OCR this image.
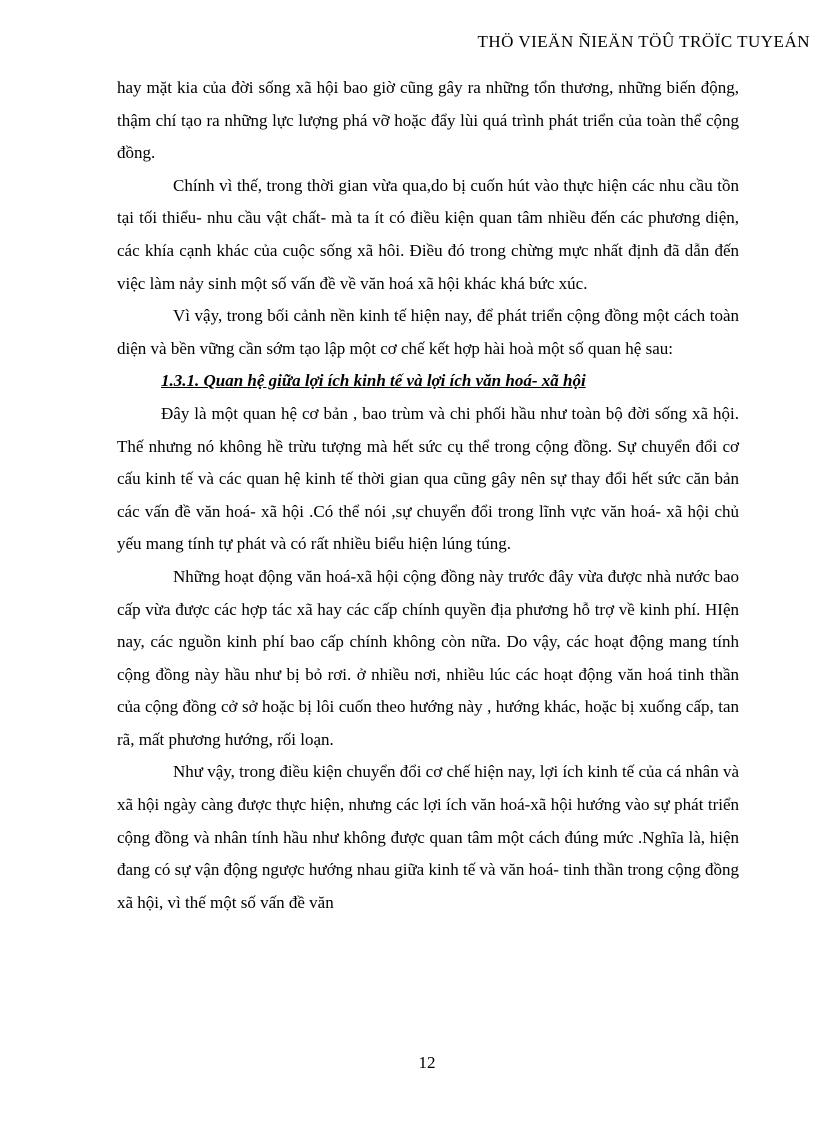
THÖ VIEÄN ÑIEÄN TÖÛ TRÖÏC TUYEÁN

hay mặt kia của đời sống xã hội bao giờ cũng gây ra những tổn thương, những biến động, thậm chí tạo ra những lực lượng phá vỡ hoặc đẩy lùi quá trình phát triển của toàn thể cộng đồng.

Chính vì thế, trong thời gian vừa qua,do bị cuốn hút vào thực hiện các nhu cầu tồn tại tối thiểu- nhu cầu vật chất- mà ta ít có điều kiện quan tâm nhiều đến các phương diện, các khía cạnh khác của cuộc sống xã hôi. Điều đó trong chừng mực nhất định đã dẫn đến việc làm nảy sinh một số vấn đề về văn hoá xã hội khác khá bức xúc.

Vì vậy, trong bối cảnh nền kinh tế hiện nay, để phát triển cộng đồng một cách toàn diện và bền vững cần sớm tạo lập một cơ chế kết hợp hài hoà một số quan hệ sau:

1.3.1. Quan hệ giữa lợi ích kinh tế và lợi ích văn hoá- xã hội

Đây là một quan hệ cơ bản , bao trùm và chi phối hầu như toàn bộ đời sống xã hội. Thế nhưng nó không hề trừu tượng mà hết sức cụ thể trong cộng đồng. Sự chuyển đổi cơ cấu kinh tế và các quan hệ kinh tế thời gian qua cũng gây nên sự thay đổi hết sức căn bản các vấn đề văn hoá- xã hội .Có thể nói ,sự chuyển đổi trong lĩnh vực văn hoá- xã hội chủ yếu mang tính tự phát và có rất nhiều biểu hiện lúng túng.

Những hoạt động văn hoá-xã hội cộng đồng này trước đây vừa được nhà nước bao cấp vừa được các hợp tác xã hay các cấp chính quyền địa phương hỗ trợ về kinh phí. HIện nay, các nguồn kinh phí bao cấp chính không còn nữa. Do vậy, các hoạt động mang tính cộng đồng này hầu như bị bỏ rơi. ở nhiều nơi, nhiều lúc các hoạt động văn hoá tinh thần của cộng đồng cở sở hoặc bị lôi cuốn theo hướng này , hướng khác, hoặc bị xuống cấp, tan rã, mất phương hướng, rối loạn.

Như vậy, trong điều kiện chuyển đổi cơ chế hiện nay, lợi ích kinh tế của cá nhân và xã hội ngày càng được thực hiện, nhưng các lợi ích văn hoá-xã hội hướng vào sự phát triển cộng đồng và nhân tính hầu như không được quan tâm một cách đúng mức .Nghĩa là, hiện đang có sự vận động ngược hướng nhau giữa kinh tế và văn hoá- tinh thần trong cộng đồng xã hội, vì thế một số vấn đề văn

12
